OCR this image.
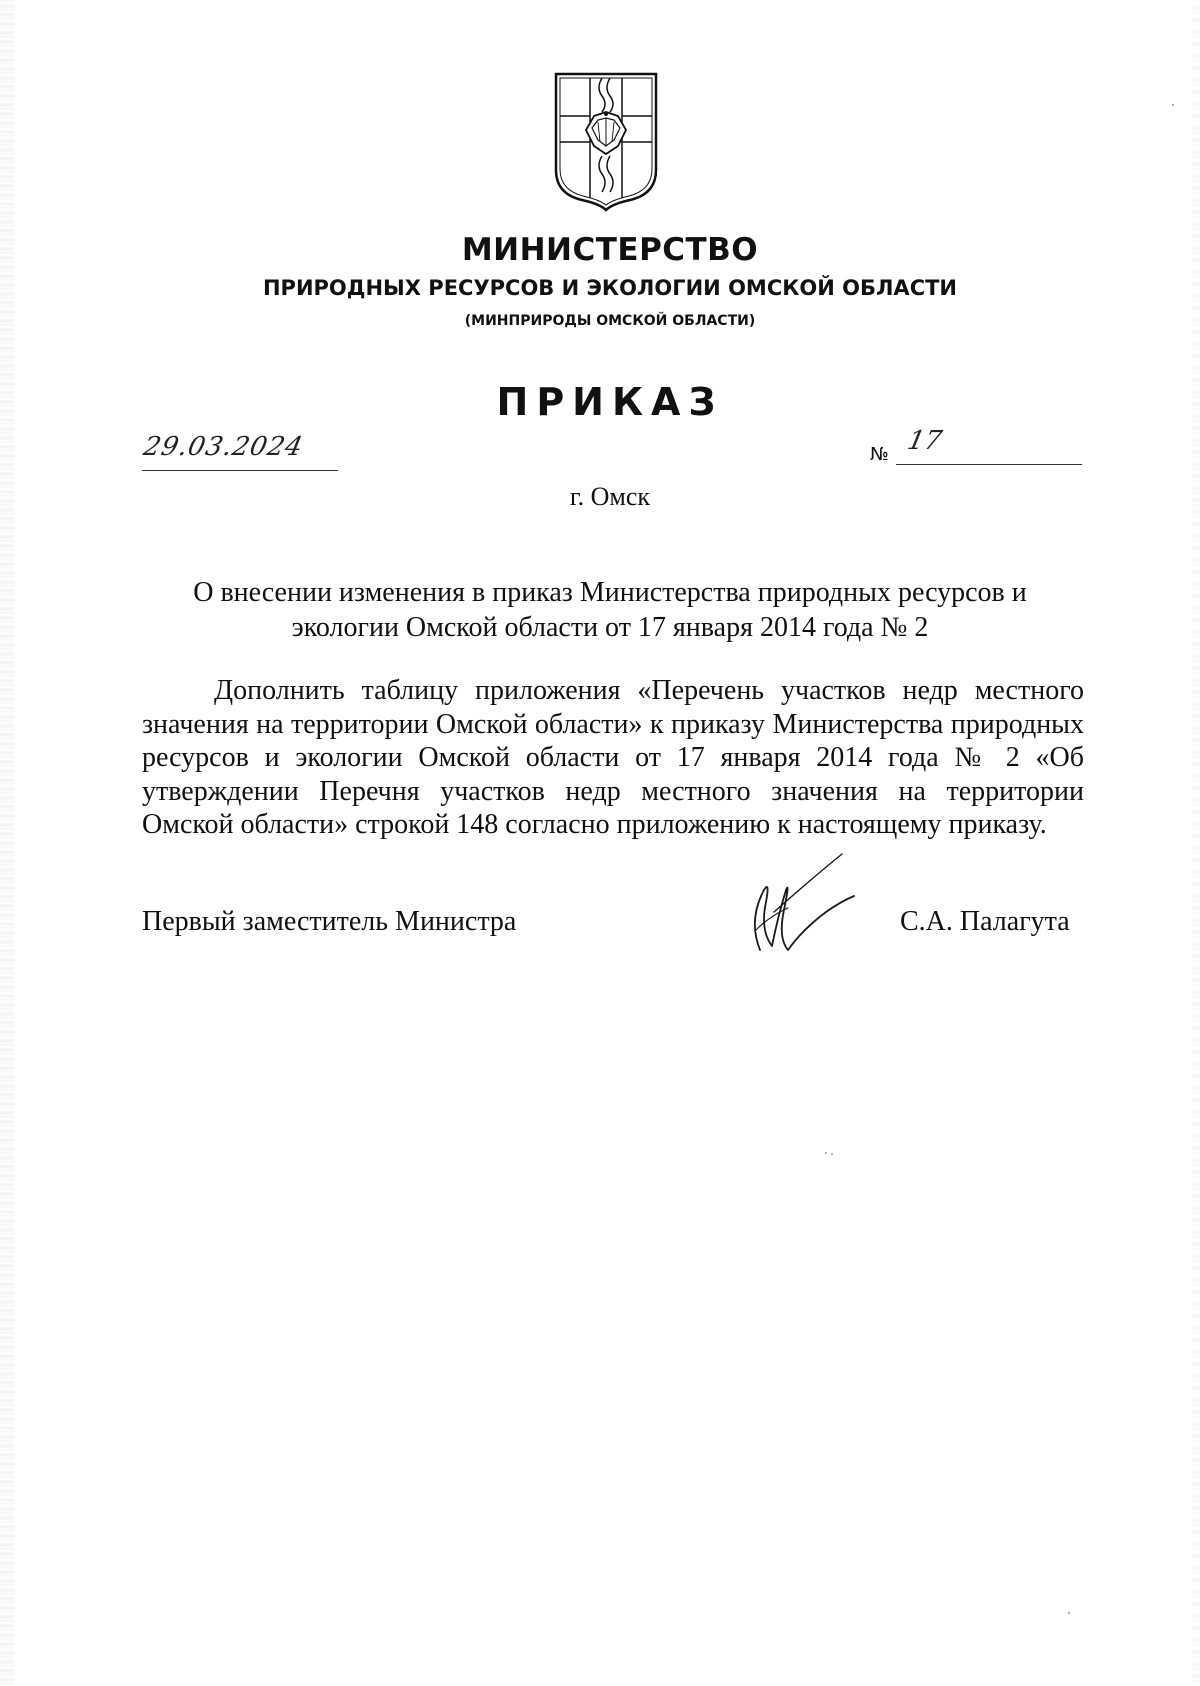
МИНИСТЕРСТВО
ПРИРОДНЫХ РЕСУРСОВ И ЭКОЛОГИИ ОМСКОЙ ОБЛАСТИ
(МИНПРИРОДЫ ОМСКОЙ ОБЛАСТИ)
ПРИКАЗ
29.03.2024	№ 17
г. Омск
О внесении изменения в приказ Министерства природных ресурсов и экологии Омской области от 17 января 2014 года № 2
Дополнить таблицу приложения «Перечень участков недр местного значения на территории Омской области» к приказу Министерства природных ресурсов и экологии Омской области от 17 января 2014 года № 2 «Об утверждении Перечня участков недр местного значения на территории Омской области» строкой 148 согласно приложению к настоящему приказу.
Первый заместитель Министра	С.А. Палагута
